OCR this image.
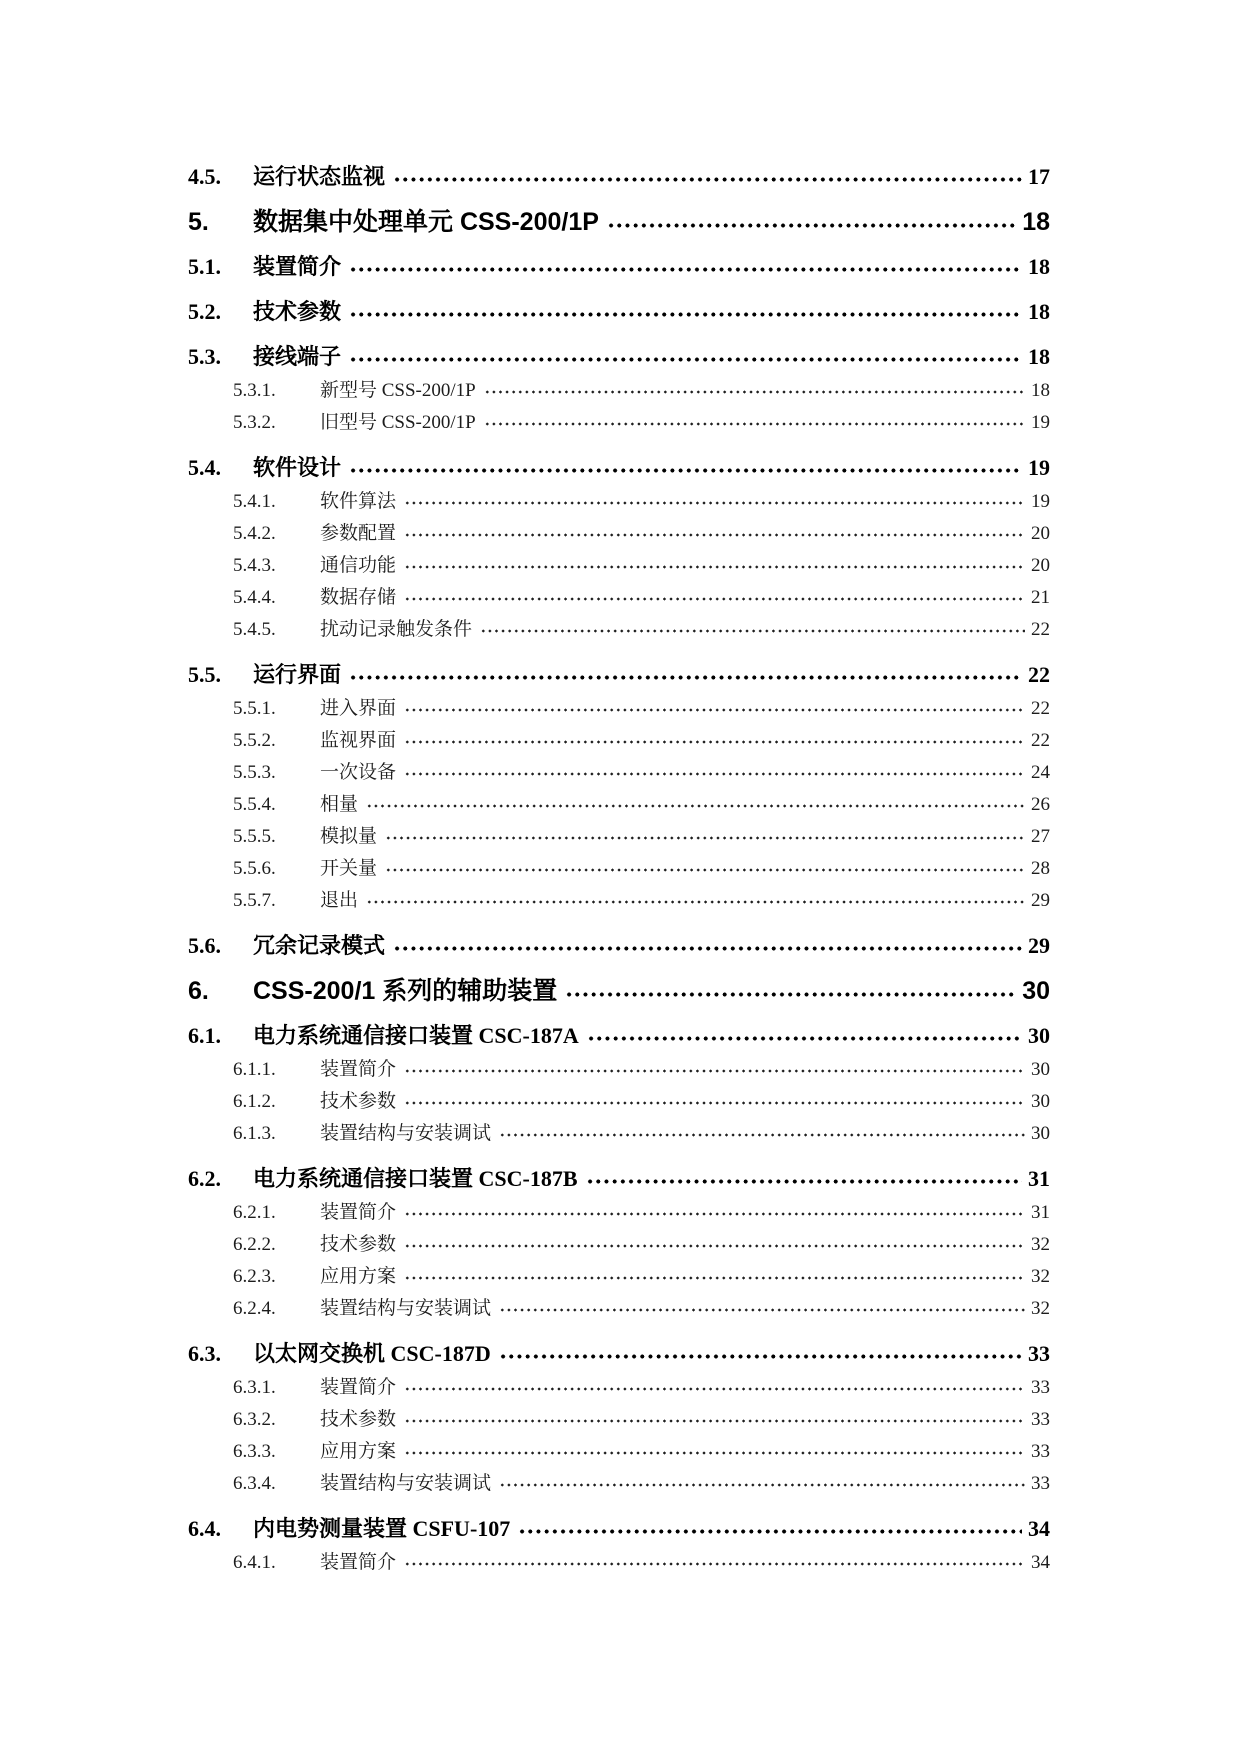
4.5.	运行状态监视	17
5.	数据集中处理单元 CSS-200/1P	18
5.1.	装置简介	18
5.2.	技术参数	18
5.3.	接线端子	18
5.3.1.	新型号 CSS-200/1P	18
5.3.2.	旧型号 CSS-200/1P	19
5.4.	软件设计	19
5.4.1.	软件算法	19
5.4.2.	参数配置	20
5.4.3.	通信功能	20
5.4.4.	数据存储	21
5.4.5.	扰动记录触发条件	22
5.5.	运行界面	22
5.5.1.	进入界面	22
5.5.2.	监视界面	22
5.5.3.	一次设备	24
5.5.4.	相量	26
5.5.5.	模拟量	27
5.5.6.	开关量	28
5.5.7.	退出	29
5.6.	冗余记录模式	29
6.	CSS-200/1 系列的辅助装置	30
6.1.	电力系统通信接口装置 CSC-187A	30
6.1.1.	装置简介	30
6.1.2.	技术参数	30
6.1.3.	装置结构与安装调试	30
6.2.	电力系统通信接口装置 CSC-187B	31
6.2.1.	装置简介	31
6.2.2.	技术参数	32
6.2.3.	应用方案	32
6.2.4.	装置结构与安装调试	32
6.3.	以太网交换机 CSC-187D	33
6.3.1.	装置简介	33
6.3.2.	技术参数	33
6.3.3.	应用方案	33
6.3.4.	装置结构与安装调试	33
6.4.	内电势测量装置 CSFU-107	34
6.4.1.	装置简介	34
